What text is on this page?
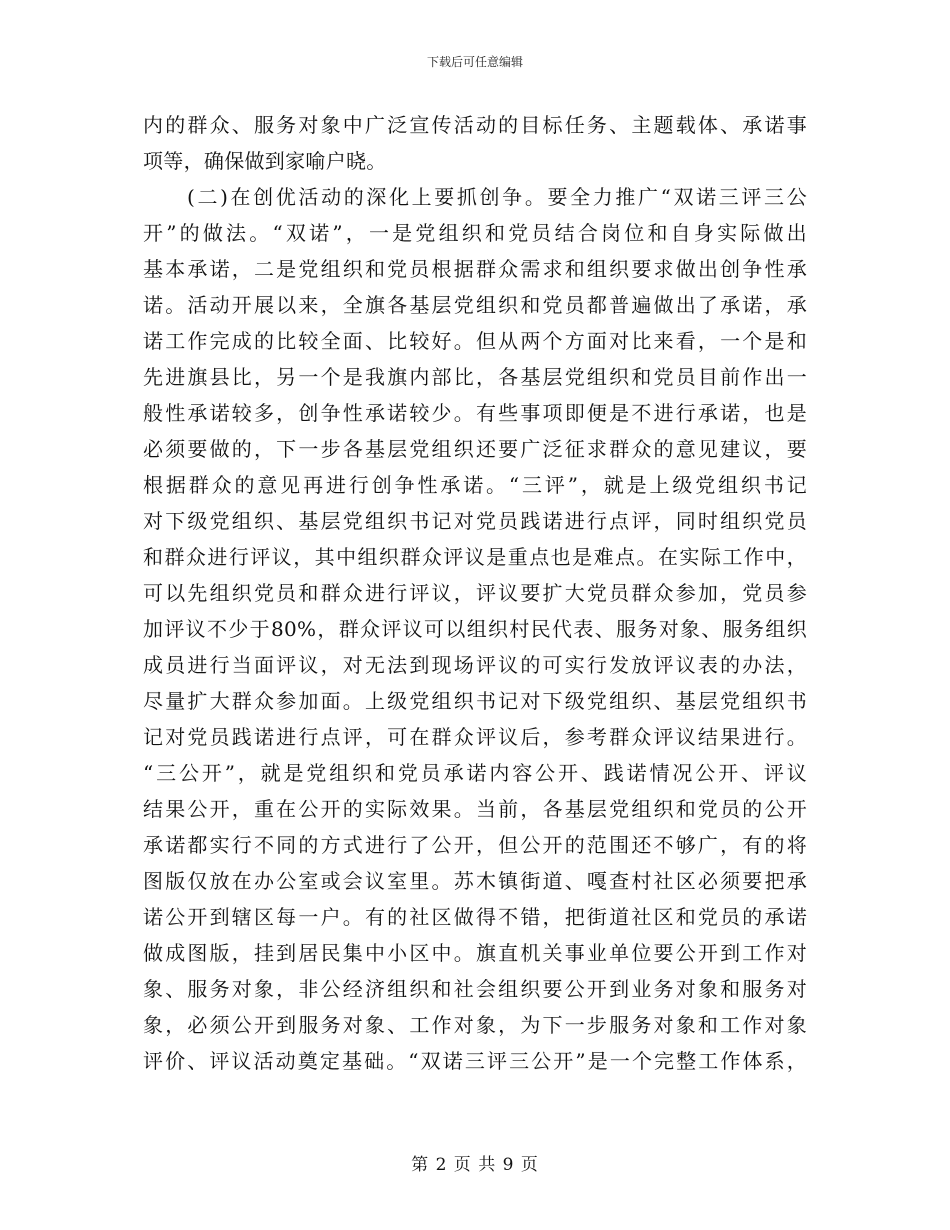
下载后可任意编辑
内的群众、服务对象中广泛宣传活动的目标任务、主题载体、承诺事
项等，确保做到家喻户晓。
(二)在创优活动的深化上要抓创争。要全力推广“双诺三评三公
开”的做法。“双诺”，一是党组织和党员结合岗位和自身实际做出
基本承诺，二是党组织和党员根据群众需求和组织要求做出创争性承
诺。活动开展以来，全旗各基层党组织和党员都普遍做出了承诺，承
诺工作完成的比较全面、比较好。但从两个方面对比来看，一个是和
先进旗县比，另一个是我旗内部比，各基层党组织和党员目前作出一
般性承诺较多，创争性承诺较少。有些事项即便是不进行承诺，也是
必须要做的，下一步各基层党组织还要广泛征求群众的意见建议，要
根据群众的意见再进行创争性承诺。“三评”，就是上级党组织书记
对下级党组织、基层党组织书记对党员践诺进行点评，同时组织党员
和群众进行评议，其中组织群众评议是重点也是难点。在实际工作中，
可以先组织党员和群众进行评议，评议要扩大党员群众参加，党员参
加评议不少于80%，群众评议可以组织村民代表、服务对象、服务组织
成员进行当面评议，对无法到现场评议的可实行发放评议表的办法，
尽量扩大群众参加面。上级党组织书记对下级党组织、基层党组织书
记对党员践诺进行点评，可在群众评议后，参考群众评议结果进行。
“三公开”，就是党组织和党员承诺内容公开、践诺情况公开、评议
结果公开，重在公开的实际效果。当前，各基层党组织和党员的公开
承诺都实行不同的方式进行了公开，但公开的范围还不够广，有的将
图版仅放在办公室或会议室里。苏木镇街道、嘎查村社区必须要把承
诺公开到辖区每一户。有的社区做得不错，把街道社区和党员的承诺
做成图版，挂到居民集中小区中。旗直机关事业单位要公开到工作对
象、服务对象，非公经济组织和社会组织要公开到业务对象和服务对
象，必须公开到服务对象、工作对象，为下一步服务对象和工作对象
评价、评议活动奠定基础。“双诺三评三公开”是一个完整工作体系，
第 2 页 共 9 页
